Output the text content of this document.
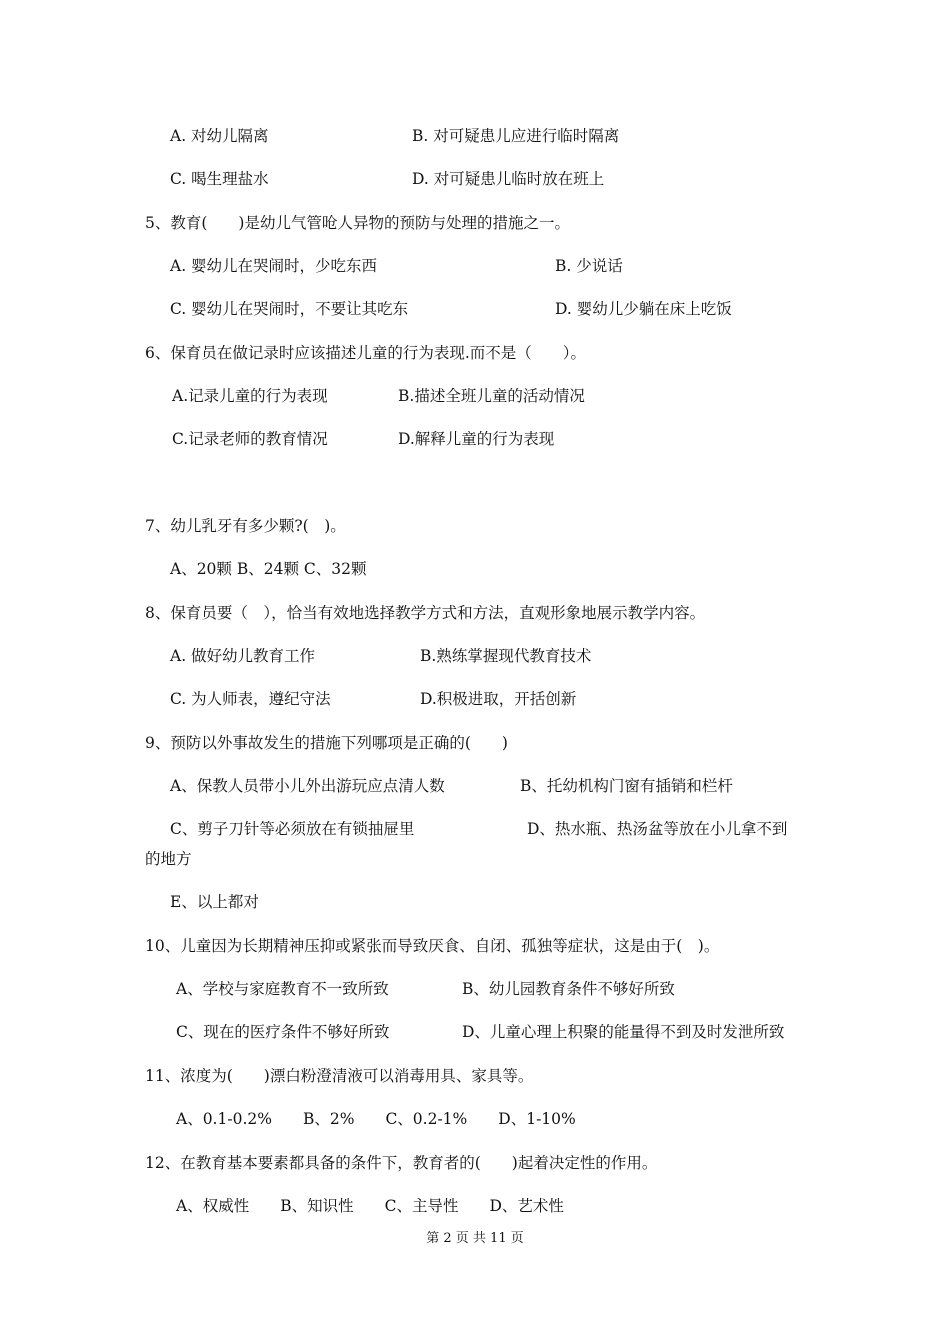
A. 对幼儿隔离	B. 对可疑患儿应进行临时隔离
C. 喝生理盐水	D. 对可疑患儿临时放在班上
5、教育(　　)是幼儿气管呛人异物的预防与处理的措施之一。
A. 婴幼儿在哭闹时，少吃东西	B. 少说话
C. 婴幼儿在哭闹时，不要让其吃东	D. 婴幼儿少躺在床上吃饭
6、保育员在做记录时应该描述儿童的行为表现.而不是（　　）。
A.记录儿童的行为表现	B.描述全班儿童的活动情况
C.记录老师的教育情况	D.解释儿童的行为表现
7、幼儿乳牙有多少颗?(　)。
A、20颗 B、24颗 C、32颗
8、保育员要（　），恰当有效地选择教学方式和方法，直观形象地展示教学内容。
A. 做好幼儿教育工作	B.熟练掌握现代教育技术
C. 为人师表，遵纪守法	D.积极进取，开括创新
9、预防以外事故发生的措施下列哪项是正确的(　　)
A、保教人员带小儿外出游玩应点清人数	B、托幼机构门窗有插销和栏杆
C、剪子刀针等必须放在有锁抽屉里	D、热水瓶、热汤盆等放在小儿拿不到
的地方
E、以上都对
10、儿童因为长期精神压抑或紧张而导致厌食、自闭、孤独等症状，这是由于(　)。
A、学校与家庭教育不一致所致	B、幼儿园教育条件不够好所致
C、现在的医疗条件不够好所致	D、儿童心理上积聚的能量得不到及时发泄所致
11、浓度为(　　)漂白粉澄清液可以消毒用具、家具等。
A、0.1-0.2%　　B、2%　　C、0.2-1%　　D、1-10%
12、在教育基本要素都具备的条件下，教育者的(　　)起着决定性的作用。
A、权威性　　B、知识性　　C、主导性　　D、艺术性
第 2 页 共 11 页
